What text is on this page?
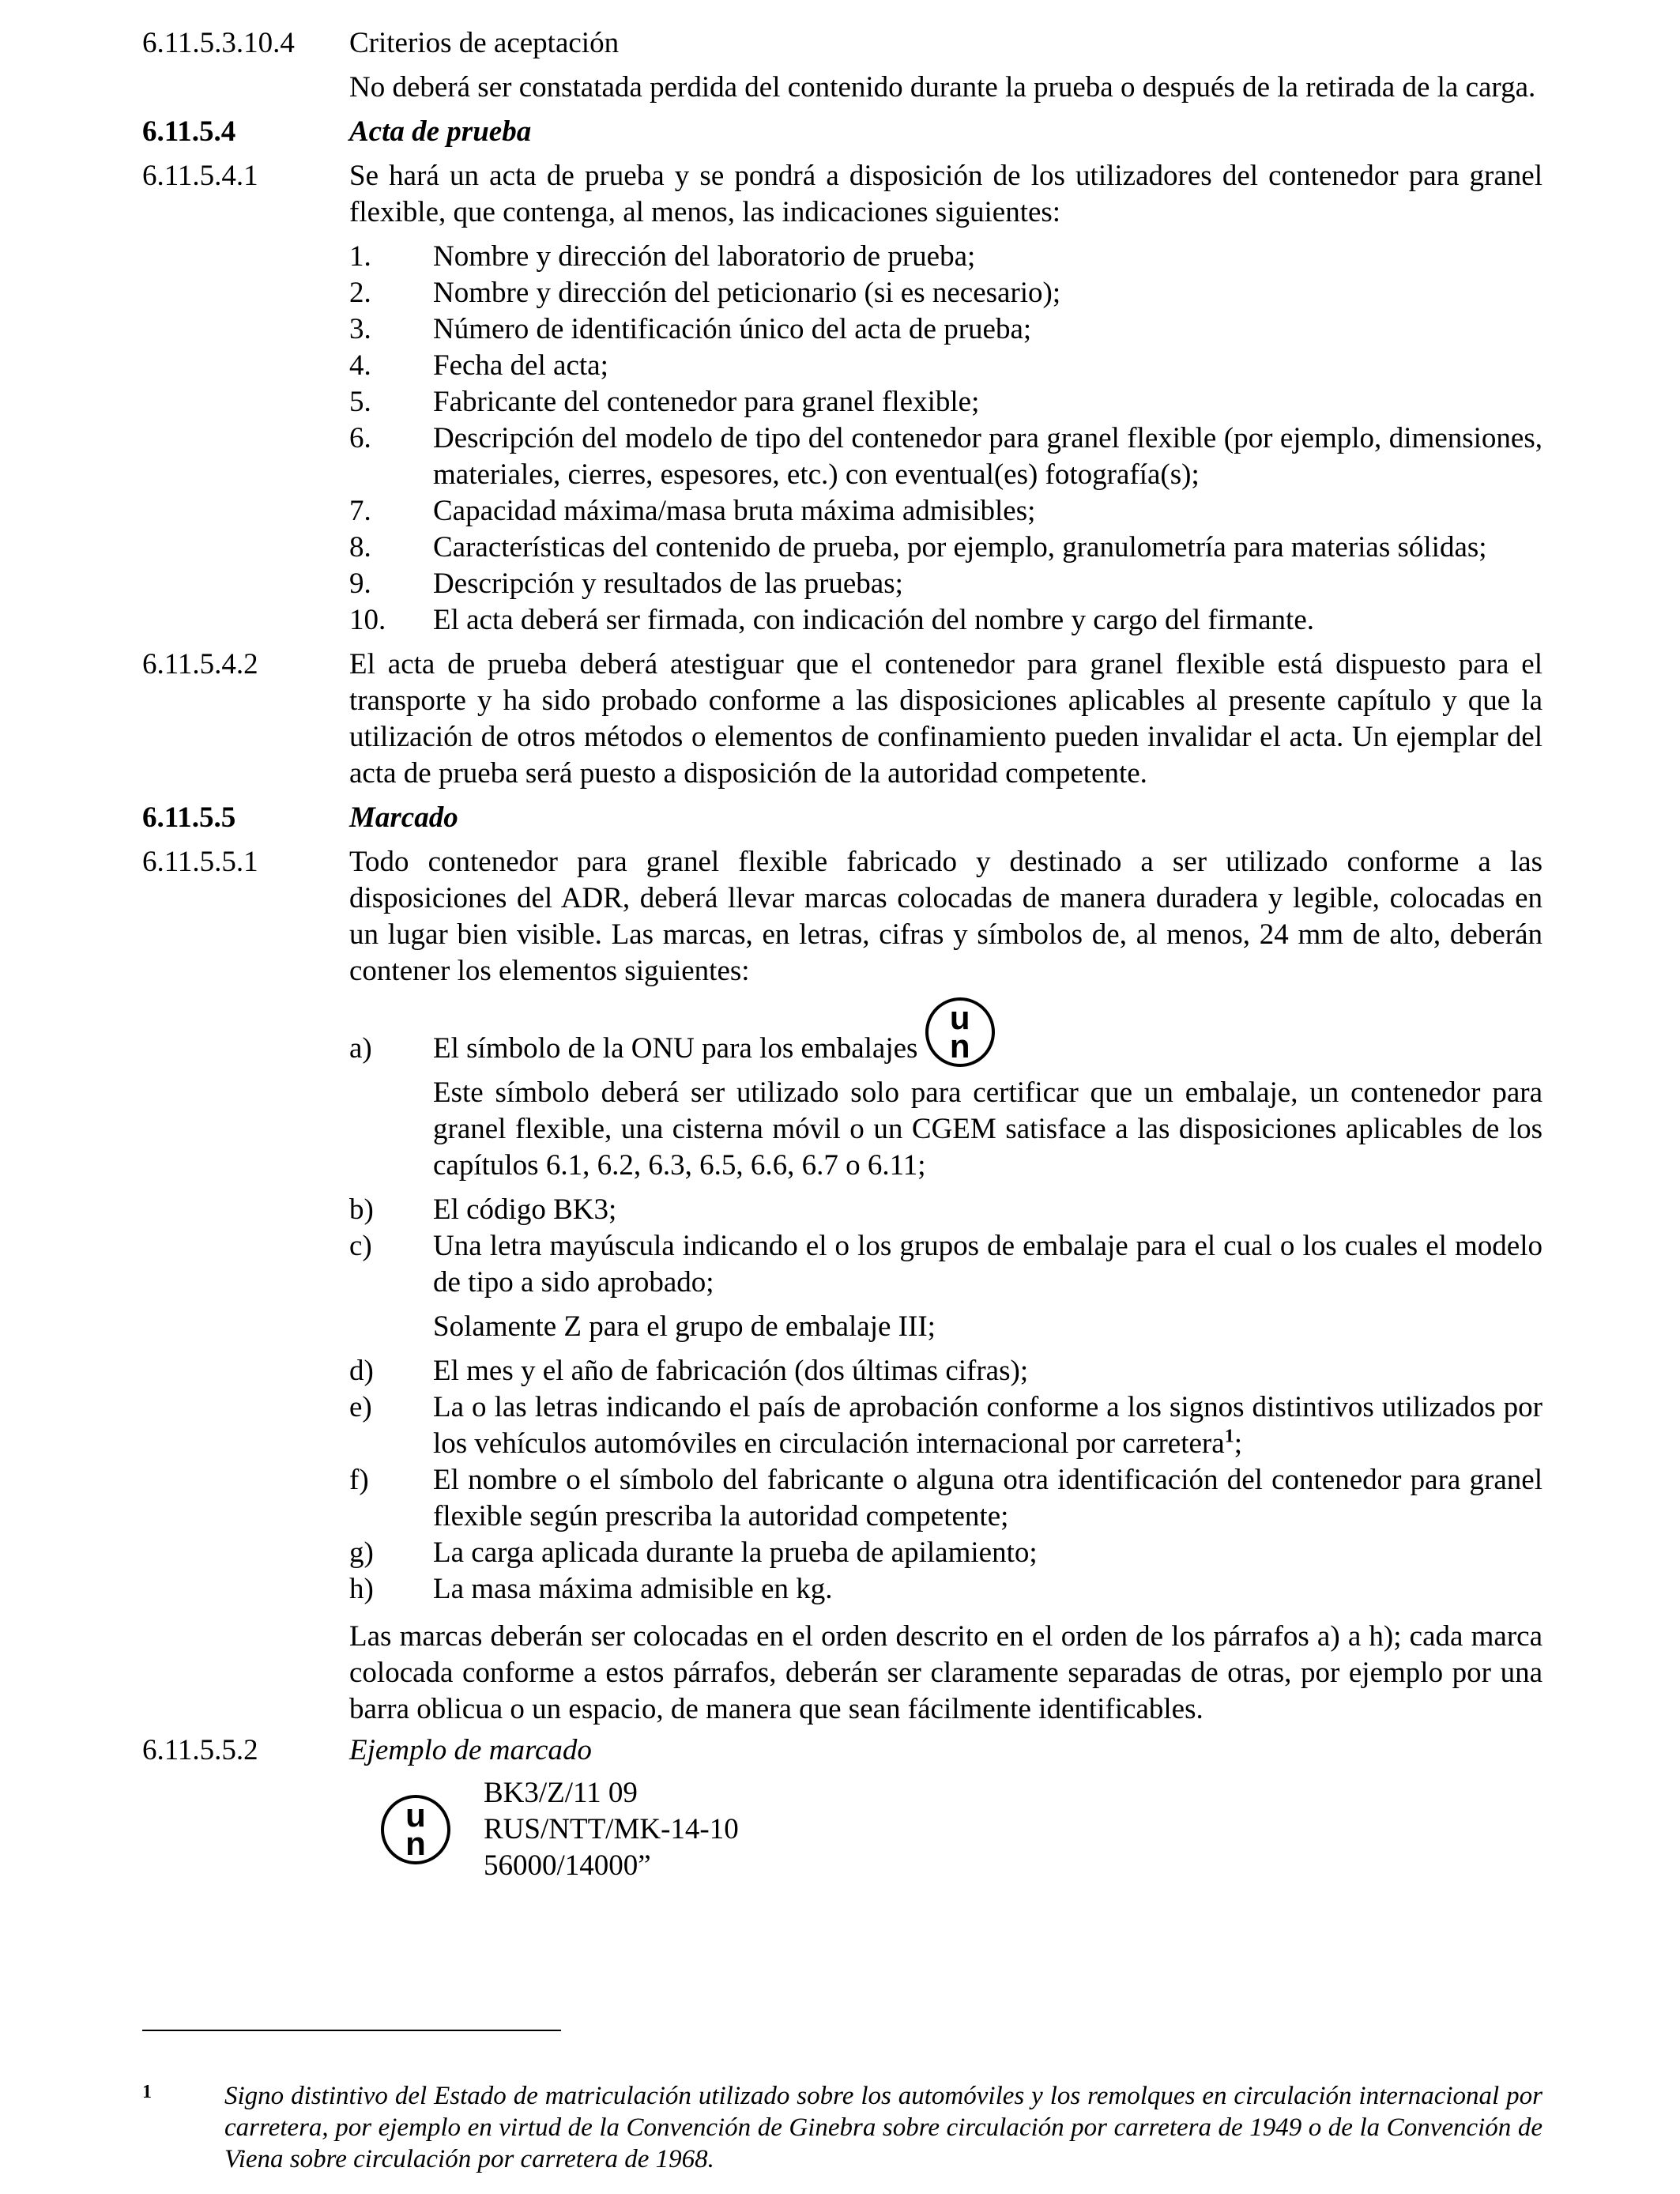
6.11.5.3.10.4	Criterios de aceptación
No deberá ser constatada perdida del contenido durante la prueba o después de la retirada de la carga.
6.11.5.4	Acta de prueba
6.11.5.4.1	Se hará un acta de prueba y se pondrá a disposición de los utilizadores del contenedor para granel flexible, que contenga, al menos, las indicaciones siguientes:
1.	Nombre y dirección del laboratorio de prueba;
2.	Nombre y dirección del peticionario (si es necesario);
3.	Número de identificación único del acta de prueba;
4.	Fecha del acta;
5.	Fabricante del contenedor para granel flexible;
6.	Descripción del modelo de tipo del contenedor para granel flexible (por ejemplo, dimensiones, materiales, cierres, espesores, etc.) con eventual(es) fotografía(s);
7.	Capacidad máxima/masa bruta máxima admisibles;
8.	Características del contenido de prueba, por ejemplo, granulometría para materias sólidas;
9.	Descripción y resultados de las pruebas;
10.	El acta deberá ser firmada, con indicación del nombre y cargo del firmante.
6.11.5.4.2	El acta de prueba deberá atestiguar que el contenedor para granel flexible está dispuesto para el transporte y ha sido probado conforme a las disposiciones aplicables al presente capítulo y que la utilización de otros métodos o elementos de confinamiento pueden invalidar el acta. Un ejemplar del acta de prueba será puesto a disposición de la autoridad competente.
6.11.5.5	Marcado
6.11.5.5.1	Todo contenedor para granel flexible fabricado y destinado a ser utilizado conforme a las disposiciones del ADR, deberá llevar marcas colocadas de manera duradera y legible, colocadas en un lugar bien visible. Las marcas, en letras, cifras y símbolos de, al menos, 24 mm de alto, deberán contener los elementos siguientes:
a)	El símbolo de la ONU para los embalajes
u
n
Este símbolo deberá ser utilizado solo para certificar que un embalaje, un contenedor para granel flexible, una cisterna móvil o un CGEM satisface a las disposiciones aplicables de los capítulos 6.1, 6.2, 6.3, 6.5, 6.6, 6.7 o 6.11;
b)	El código BK3;
c)	Una letra mayúscula indicando el o los grupos de embalaje para el cual o los cuales el modelo de tipo a sido aprobado;
Solamente Z para el grupo de embalaje III;
d)	El mes y el año de fabricación (dos últimas cifras);
e)	La o las letras indicando el país de aprobación conforme a los signos distintivos utilizados por los vehículos automóviles en circulación internacional por carretera$^1$;
f)	El nombre o el símbolo del fabricante o alguna otra identificación del contenedor para granel flexible según prescriba la autoridad competente;
g)	La carga aplicada durante la prueba de apilamiento;
h)	La masa máxima admisible en kg.
Las marcas deberán ser colocadas en el orden descrito en el orden de los párrafos a) a h); cada marca colocada conforme a estos párrafos, deberán ser claramente separadas de otras, por ejemplo por una barra oblicua o un espacio, de manera que sean fácilmente identificables.
6.11.5.5.2	Ejemplo de marcado
u
n
BK3/Z/11 09
RUS/NTT/MK-14-10
56000/14000”
1	Signo distintivo del Estado de matriculación utilizado sobre los automóviles y los remolques en circulación internacional por carretera, por ejemplo en virtud de la Convención de Ginebra sobre circulación por carretera de 1949 o de la Convención de Viena sobre circulación por carretera de 1968.
